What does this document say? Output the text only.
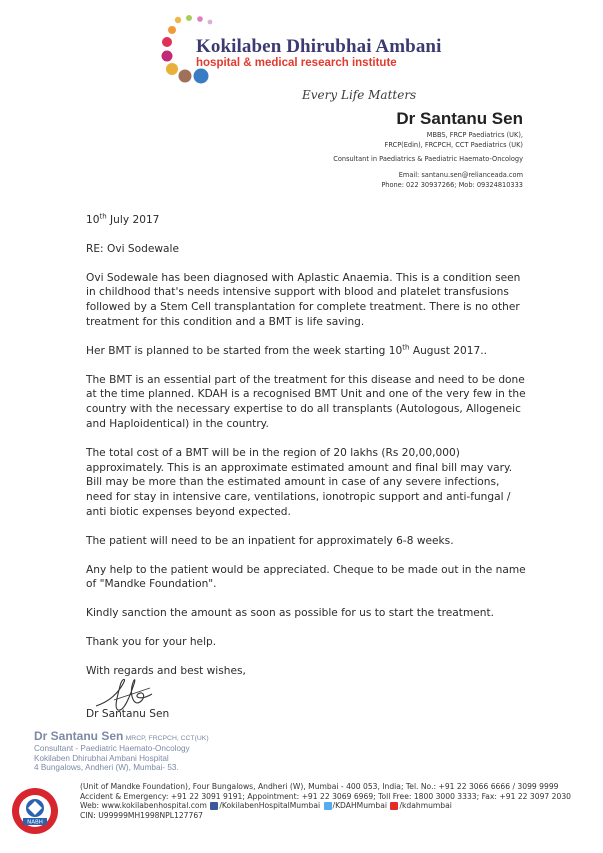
Kokilaben Dhirubhai Ambani
hospital & medical research institute
Every Life Matters
Dr Santanu Sen
MBBS, FRCP Paediatrics (UK),
FRCP(Edin), FRCPCH, CCT Paediatrics (UK)
Consultant in Paediatrics & Paediatric Haemato-Oncology
Email: santanu.sen@relianceada.com
Phone: 022 30937266; Mob: 09324810333

10th July 2017

RE: Ovi Sodewale

Ovi Sodewale has been diagnosed with Aplastic Anaemia. This is a condition seen in childhood that's needs intensive support with blood and platelet transfusions followed by a Stem Cell transplantation for complete treatment. There is no other treatment for this condition and a BMT is life saving.

Her BMT is planned to be started from the week starting 10th August 2017..

The BMT is an essential part of the treatment for this disease and need to be done at the time planned. KDAH is a recognised BMT Unit and one of the very few in the country with the necessary expertise to do all transplants (Autologous, Allogeneic and Haploidentical) in the country.

The total cost of a BMT will be in the region of 20 lakhs (Rs 20,00,000) approximately. This is an approximate estimated amount and final bill may vary. Bill may be more than the estimated amount in case of any severe infections, need for stay in intensive care, ventilations, ionotropic support and anti-fungal / anti biotic expenses beyond expected.

The patient will need to be an inpatient for approximately 6-8 weeks.

Any help to the patient would be appreciated. Cheque to be made out in the name of "Mandke Foundation".

Kindly sanction the amount as soon as possible for us to start the treatment.

Thank you for your help.

With regards and best wishes,

Dr Santanu Sen

Dr Santanu Sen MRCP, FRCPCH, CCT(UK)
Consultant - Paediatric Haemato-Oncology
Kokilaben Dhirubhai Ambani Hospital
4 Bungalows, Andheri (W), Mumbai- 53.
NABH
(Unit of Mandke Foundation), Four Bungalows, Andheri (W), Mumbai - 400 053, India; Tel. No.: +91 22 3066 6666 / 3099 9999
Accident & Emergency: +91 22 3091 9191; Appointment: +91 22 3069 6969; Toll Free: 1800 3000 3333; Fax: +91 22 3097 2030
Web: www.kokilabenhospital.com /KokilabenHospitalMumbai /KDAHMumbai /kdahmumbai
CIN: U99999MH1998NPL127767
